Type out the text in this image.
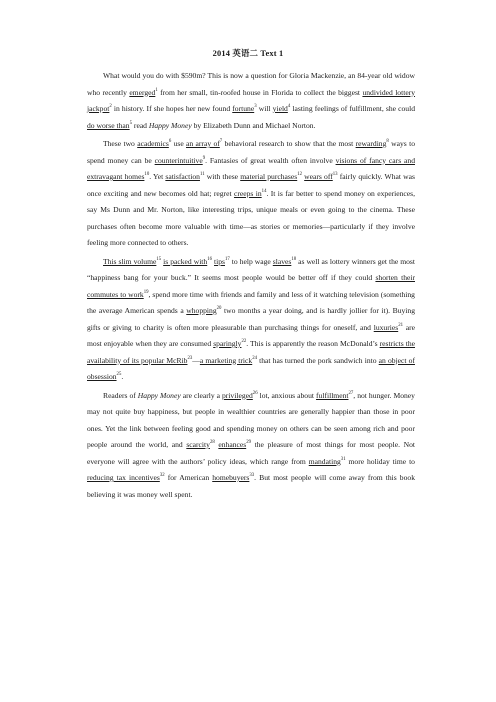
2014 英语二 Text 1

What would you do with $590m? This is now a question for Gloria Mackenzie, an 84-year old widow who recently emerged$^1$ from her small, tin-roofed house in Florida to collect the biggest undivided lottery jackpot$^2$ in history. If she hopes her new found fortune$^3$ will yield$^4$ lasting feelings of fulfillment, she could do worse than$^5$ read Happy Money by Elizabeth Dunn and Michael Norton.

These two academics$^6$ use an array $of^7$ behavioral research to show that the most rewarding$^8$ ways to spend money can be counterintuitive$^9$. Fantasies of great wealth often involve visions of fancy cars and extravagant homes$^{10}$. Yet satisfaction$^{11}$ with these material purchases$^{12}$ wears off$^{13}$ fairly quickly. What was once exciting and new becomes old hat; regret creeps $in^{14}$. It is far better to spend money on experiences, say Ms Dunn and Mr. Norton, like interesting trips, unique meals or even going to the cinema. These purchases often become more valuable with time—as stories or memories—particularly if they involve feeling more connected to others.

This slim volume$^{15}$ is packed with$^{16}$ tips$^{17}$ to help wage slaves$^{18}$ as well as lottery winners get the most “happiness bang for your buck.” It seems most people would be better off if they could shorten their commutes to work$^{19}$, spend more time with friends and family and less of it watching television (something the average American spends a whopping$^{20}$ two months a year doing, and is hardly jollier for it). Buying gifts or giving to charity is often more pleasurable than purchasing things for oneself, and luxuries$^{21}$ are most enjoyable when they are consumed sparingly$^{22}$. This is apparently the reason McDonald’s restricts the availability of its popular McRib$^{23}$—a marketing trick$^{24}$ that has turned the pork sandwich into an object of obsession$^{25}$.

Readers of Happy Money are clearly a privileged$^{26}$ lot, anxious about fulfillment$^{27}$, not hunger. Money may not quite buy happiness, but people in wealthier countries are generally happier than those in poor ones. Yet the link between feeling good and spending money on others can be seen among rich and poor people around the world, and scarcity$^{28}$ enhances$^{29}$ the pleasure of most things for most people. Not everyone will agree with the authors’ policy ideas, which range from mandating$^{31}$ more holiday time to reducing tax incentives$^{32}$ for American homebuyers$^{33}$. But most people will come away from this book believing it was money well spent.
